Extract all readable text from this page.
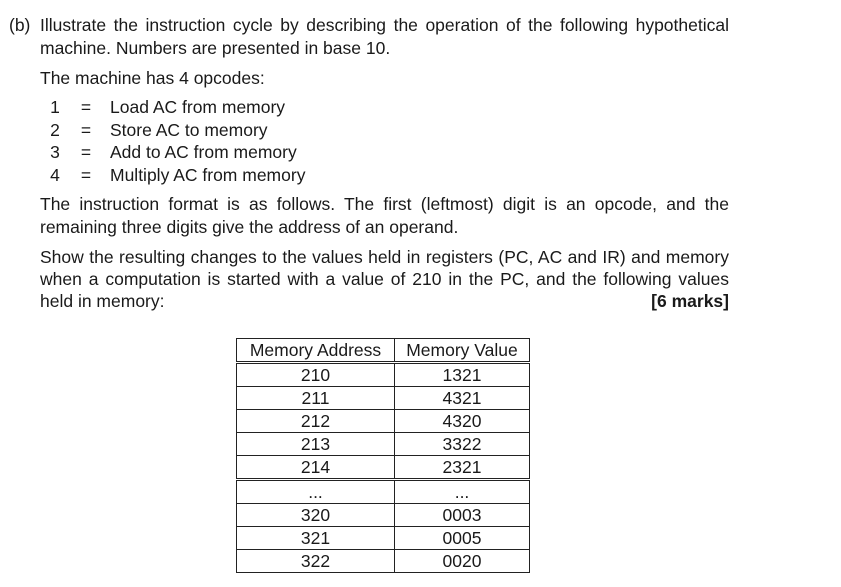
(b) Illustrate the instruction cycle by describing the operation of the following hypothetical
machine. Numbers are presented in base 10.
The machine has 4 opcodes:
1 = Load AC from memory
2 = Store AC to memory
3 = Add to AC from memory
4 = Multiply AC from memory
The instruction format is as follows. The first (leftmost) digit is an opcode, and the
remaining three digits give the address of an operand.
Show the resulting changes to the values held in registers (PC, AC and IR) and memory
when a computation is started with a value of 210 in the PC, and the following values
held in memory:	[6 marks]
Memory Address	Memory Value
210	1321
211	4321
212	4320
213	3322
214	2321
...	...
320	0003
321	0005
322	0020
